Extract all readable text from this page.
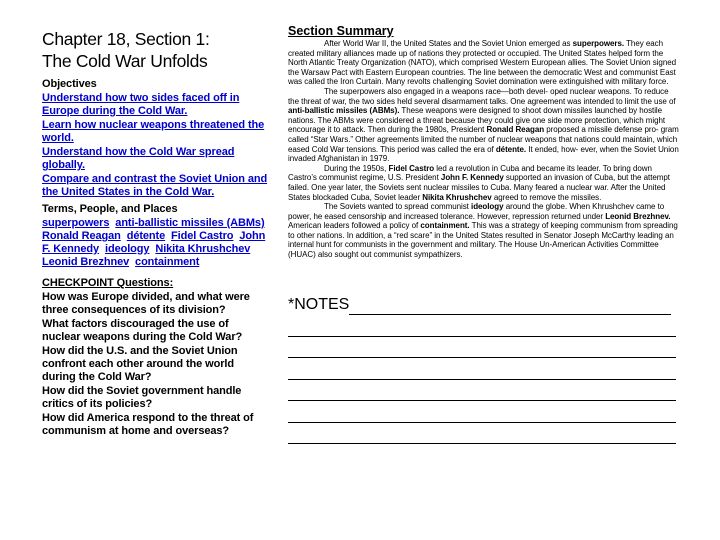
Chapter 18, Section 1:
The Cold War Unfolds
Objectives
Understand how two sides faced off in Europe during the Cold War.
Learn how nuclear weapons threatened the world.
Understand how the Cold War spread globally.
Compare and contrast the Soviet Union and the United States in the Cold War.
Terms, People, and Places
superpowers anti-ballistic missiles (ABMs)  Ronald Reagan détente Fidel Castro John F. Kennedy ideology Nikita Khrushchev  Leonid Brezhnev containment
CHECKPOINT Questions:
How was Europe divided, and what were three consequences of its division?
What factors discouraged the use of nuclear weapons during the Cold War?
How did the U.S. and the Soviet Union confront each other around the world during the Cold War?
How did the Soviet government handle critics of its policies?
How did America respond to the threat of communism at home and overseas?
Section Summary

After World War II, the United States and the Soviet Union emerged as superpowers. They each created military alliances made up of nations they protected or occupied. The United States helped form the North Atlantic Treaty Organization (NATO), which comprised Western European allies. The Soviet Union signed the Warsaw Pact with Eastern European countries. The line between the democratic West and communist East was called the Iron Curtain. Many revolts challenging Soviet domination were extinguished with military force.

The superpowers also engaged in a weapons race—both devel- oped nuclear weapons. To reduce the threat of war, the two sides held several disarmament talks. One agreement was intended to limit the use of anti-ballistic missiles (ABMs). These weapons were designed to shoot down missiles launched by hostile nations. The ABMs were considered a threat because they could give one side more protection, which might encourage it to attack. Then during the 1980s, President Ronald Reagan proposed a missile defense pro- gram called “Star Wars.” Other agreements limited the number of nuclear weapons that nations could maintain, which eased Cold War tensions. This period was called the era of détente. It ended, how- ever, when the Soviet Union invaded Afghanistan in 1979.

During the 1950s, Fidel Castro led a revolution in Cuba and became its leader. To bring down Castro’s communist regime, U.S. President John F. Kennedy supported an invasion of Cuba, but the attempt failed. One year later, the Soviets sent nuclear missiles to Cuba. Many feared a nuclear war. After the United States blockaded Cuba, Soviet leader Nikita Khrushchev agreed to remove the missiles.

The Soviets wanted to spread communist ideology around the globe. When Khrushchev came to power, he eased censorship and increased tolerance. However, repression returned under Leonid Brezhnev. American leaders followed a policy of containment. This was a strategy of keeping communism from spreading to other nations. In addition, a “red scare” in the United States resulted in Senator Joseph McCarthy leading an internal hunt for communists in the government and military. The House Un-American Activities Committee (HUAC) also sought out communist sympathizers.

*NOTES
